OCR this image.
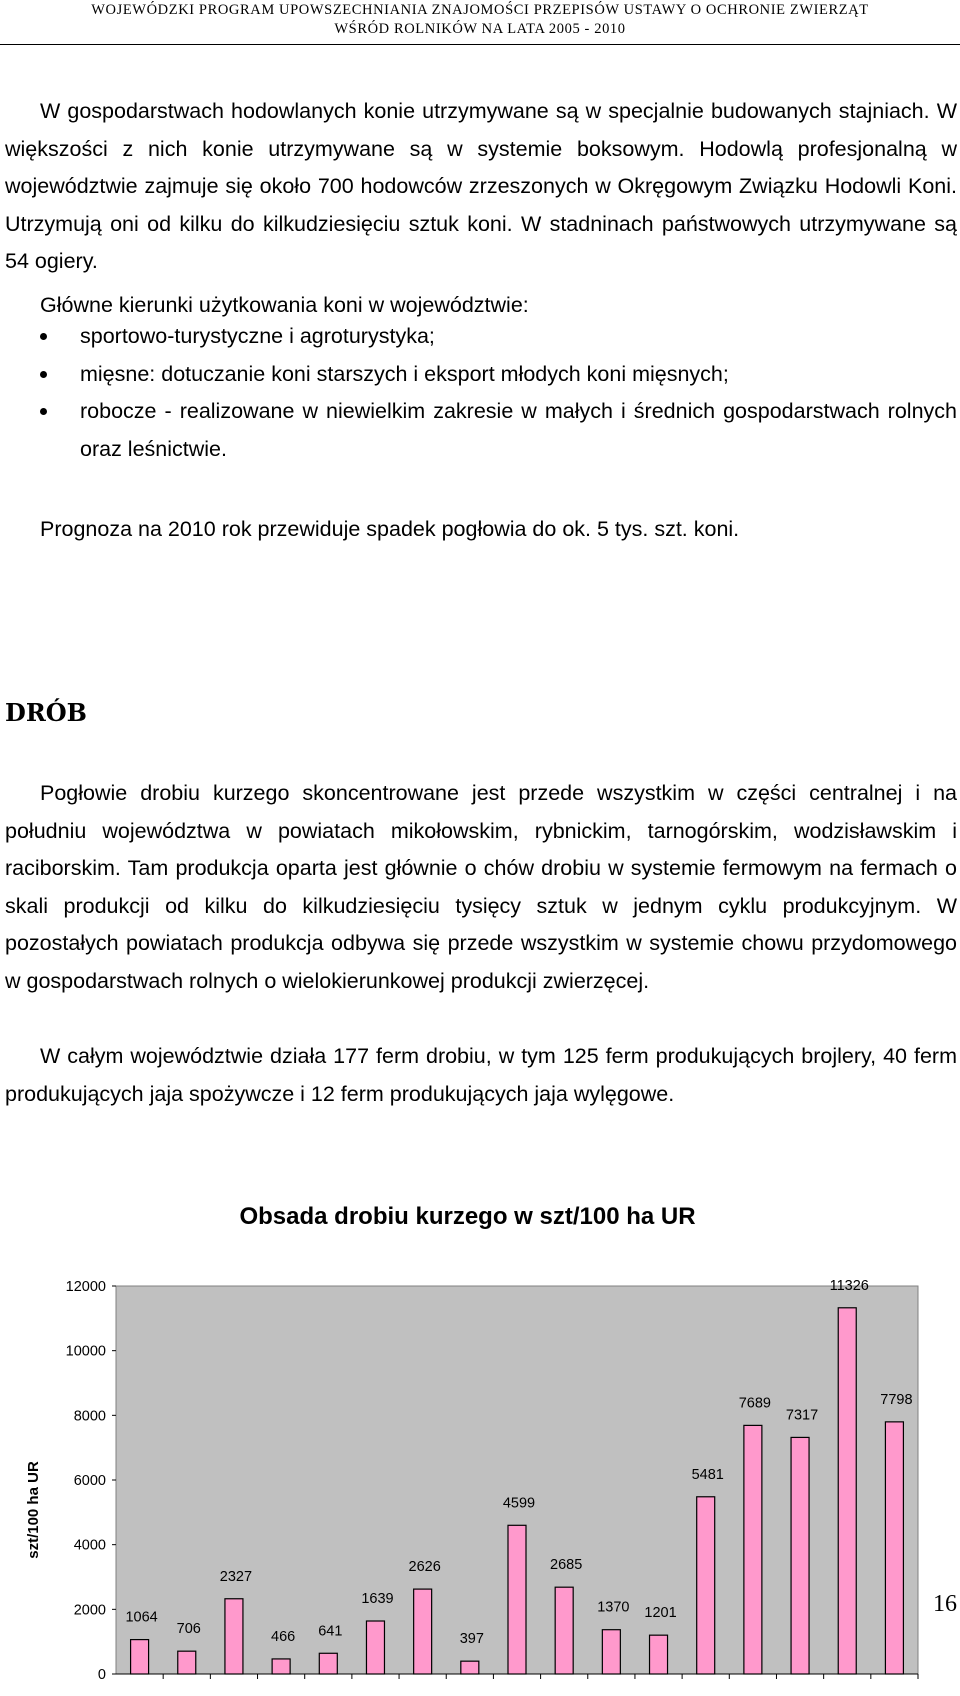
WOJEWÓDZKI PROGRAM UPOWSZECHNIANIA ZNAJOMOŚCI PRZEPISÓW USTAWY O OCHRONIE ZWIERZĄT
WŚRÓD ROLNIKÓW NA LATA 2005 - 2010
W gospodarstwach hodowlanych konie utrzymywane są w specjalnie budowanych stajniach. W większości z nich konie utrzymywane są w systemie boksowym. Hodowlą profesjonalną w województwie zajmuje się około 700 hodowców zrzeszonych w Okręgowym Związku Hodowli Koni. Utrzymują oni od kilku do kilkudziesięciu sztuk koni. W stadninach państwowych utrzymywane są 54 ogiery.
Główne kierunki użytkowania koni w województwie:
sportowo-turystyczne i agroturystyka;
mięsne: dotuczanie koni starszych i eksport młodych koni mięsnych;
robocze - realizowane w niewielkim zakresie w małych i średnich gospodarstwach rolnych oraz leśnictwie.
Prognoza na 2010 rok przewiduje spadek pogłowia do ok. 5 tys. szt. koni.
DRÓB
Pogłowie drobiu kurzego skoncentrowane jest przede wszystkim w części centralnej i na południu województwa w powiatach mikołowskim, rybnickim, tarnogórskim, wodzisławskim i raciborskim. Tam produkcja oparta jest głównie o chów drobiu w systemie fermowym na fermach o skali produkcji od kilku do kilkudziesięciu tysięcy sztuk w jednym cyklu produkcyjnym. W pozostałych powiatach produkcja odbywa się przede wszystkim w systemie chowu przydomowego w gospodarstwach rolnych o wielokierunkowej produkcji zwierzęcej.
W całym województwie działa 177 ferm drobiu, w tym 125 ferm produkujących brojlery, 40 ferm produkujących jaja spożywcze i 12 ferm produkujących jaja wylęgowe.
Obsada drobiu kurzego w szt/100 ha UR
0
2000
4000
6000
8000
10000
12000
szt/100 ha UR
1064
706
2327
466 641
1639
2626
397
4599
2685
1370 1201
5481
7689
7317
11326
7798
16
